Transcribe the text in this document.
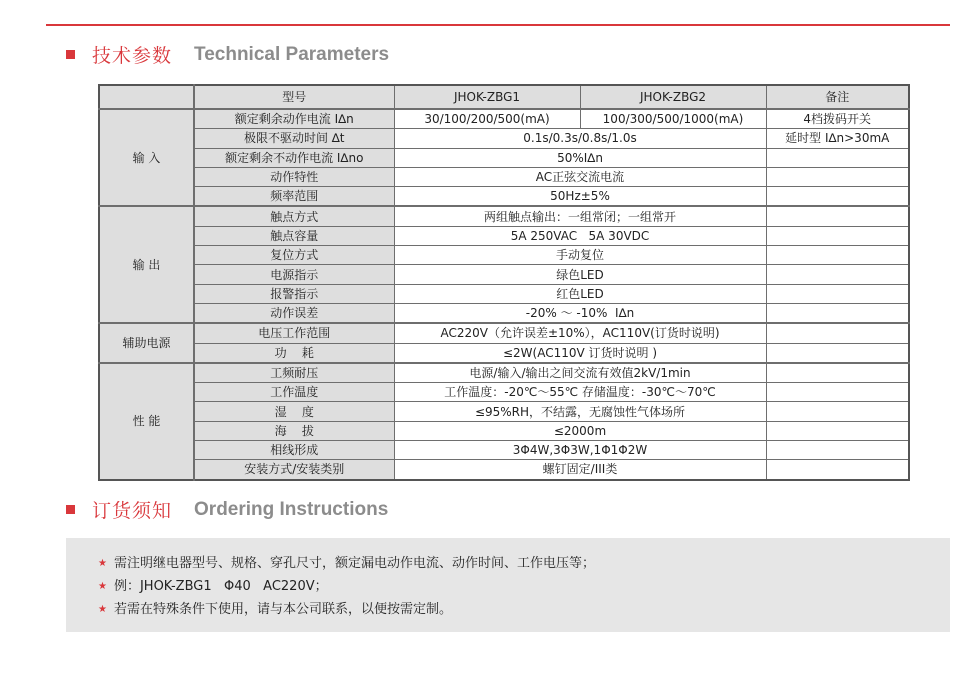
技术参数 Technical Parameters
	型号	JHOK-ZBG1	JHOK-ZBG2	备注
输 入	额定剩余动作电流 I∆n	30/100/200/500(mA)	100/300/500/1000(mA)	4档拨码开关
	极限不驱动时间 ∆t	0.1s/0.3s/0.8s/1.0s		延时型 I∆n>30mA
	额定剩余不动作电流 I∆no	50%I∆n		
	动作特性	AC正弦交流电流		
	频率范围	50Hz±5%		
输 出	触点方式	两组触点输出：一组常闭；一组常开		
	触点容量	5A 250VAC   5A 30VDC		
	复位方式	手动复位		
	电源指示	绿色LED		
	报警指示	红色LED		
	动作误差	-20% ～ -10%  I∆n		
辅助电源	电压工作范围	AC220V（允许误差±10%），AC110V(订货时说明)		
	功    耗	≤2W(AC110V 订货时说明 )		
性 能	工频耐压	电源/输入/输出之间交流有效值2kV/1min		
	工作温度	工作温度：-20℃～55℃ 存储温度：-30℃～70℃		
	湿    度	≤95%RH，不结露，无腐蚀性气体场所		
	海    拔	≤2000m		
	相线形成	3Φ4W,3Φ3W,1Φ1Φ2W		
	安装方式/安装类别	螺钉固定/III类		
订货须知 Ordering Instructions
★ 需注明继电器型号、规格、穿孔尺寸，额定漏电动作电流、动作时间、工作电压等；
★ 例：JHOK-ZBG1   Φ40   AC220V；
★ 若需在特殊条件下使用，请与本公司联系，以便按需定制。
